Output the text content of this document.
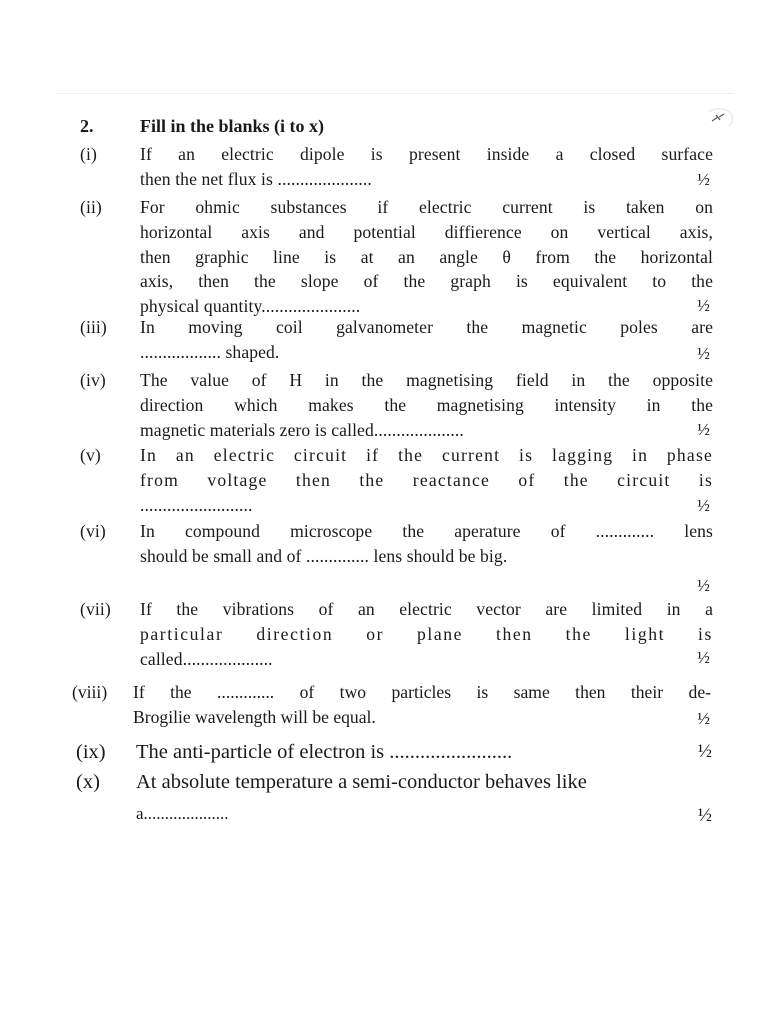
2.	Fill in the blanks (i to x)
(i) If an electric dipole is present inside a closed surface
then the net flux is .....................	½
(ii) For ohmic substances if electric current is taken on
horizontal axis and potential diffierence on vertical axis,
then graphic line is at an angle θ from the horizontal
axis, then the slope of the graph is equivalent to the
physical quantity......................	½
(iii) In moving coil galvanometer the magnetic poles are
.................. shaped.	½
(iv) The value of H in the magnetising field in the opposite
direction which makes the magnetising intensity in the
magnetic materials zero is called....................	½
(v) In an electric circuit if the current is lagging in phase
from voltage then the reactance of the circuit is
.........................	½
(vi) In compound microscope the aperature of ............. lens
should be small and of .............. lens should be big.
½
(vii) If the vibrations of an electric vector are limited in a
particular direction or plane then the light is
called....................	½
(viii) If the ............. of two particles is same then their de-
Brogilie wavelength will be equal.	½
(ix) The anti-particle of electron is ........................	½
(x) At absolute temperature a semi-conductor behaves like
a....................	½
